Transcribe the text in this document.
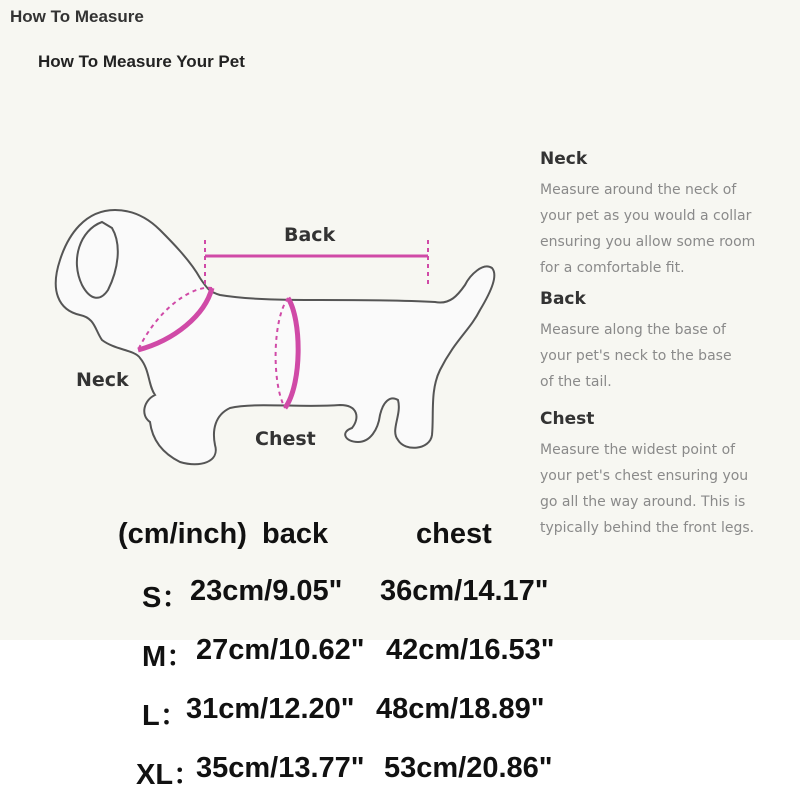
How To Measure
How To Measure Your Pet
Back
Neck
Chest
Neck

Measure around the neck of
your pet as you would a collar
ensuring you allow some room
for a comfortable fit.

Back

Measure along the base of
your pet's neck to the base
of the tail.

Chest

Measure the widest point of
your pet's chest ensuring you
go all the way around. This is
typically behind the front legs.

(cm/inch) back	chest
S： 23cm/9.05" 36cm/14.17"
M： 27cm/10.62" 42cm/16.53"
L：
31cm/12.20" 48cm/18.89"
XL：
35cm/13.77" 53cm/20.86"
